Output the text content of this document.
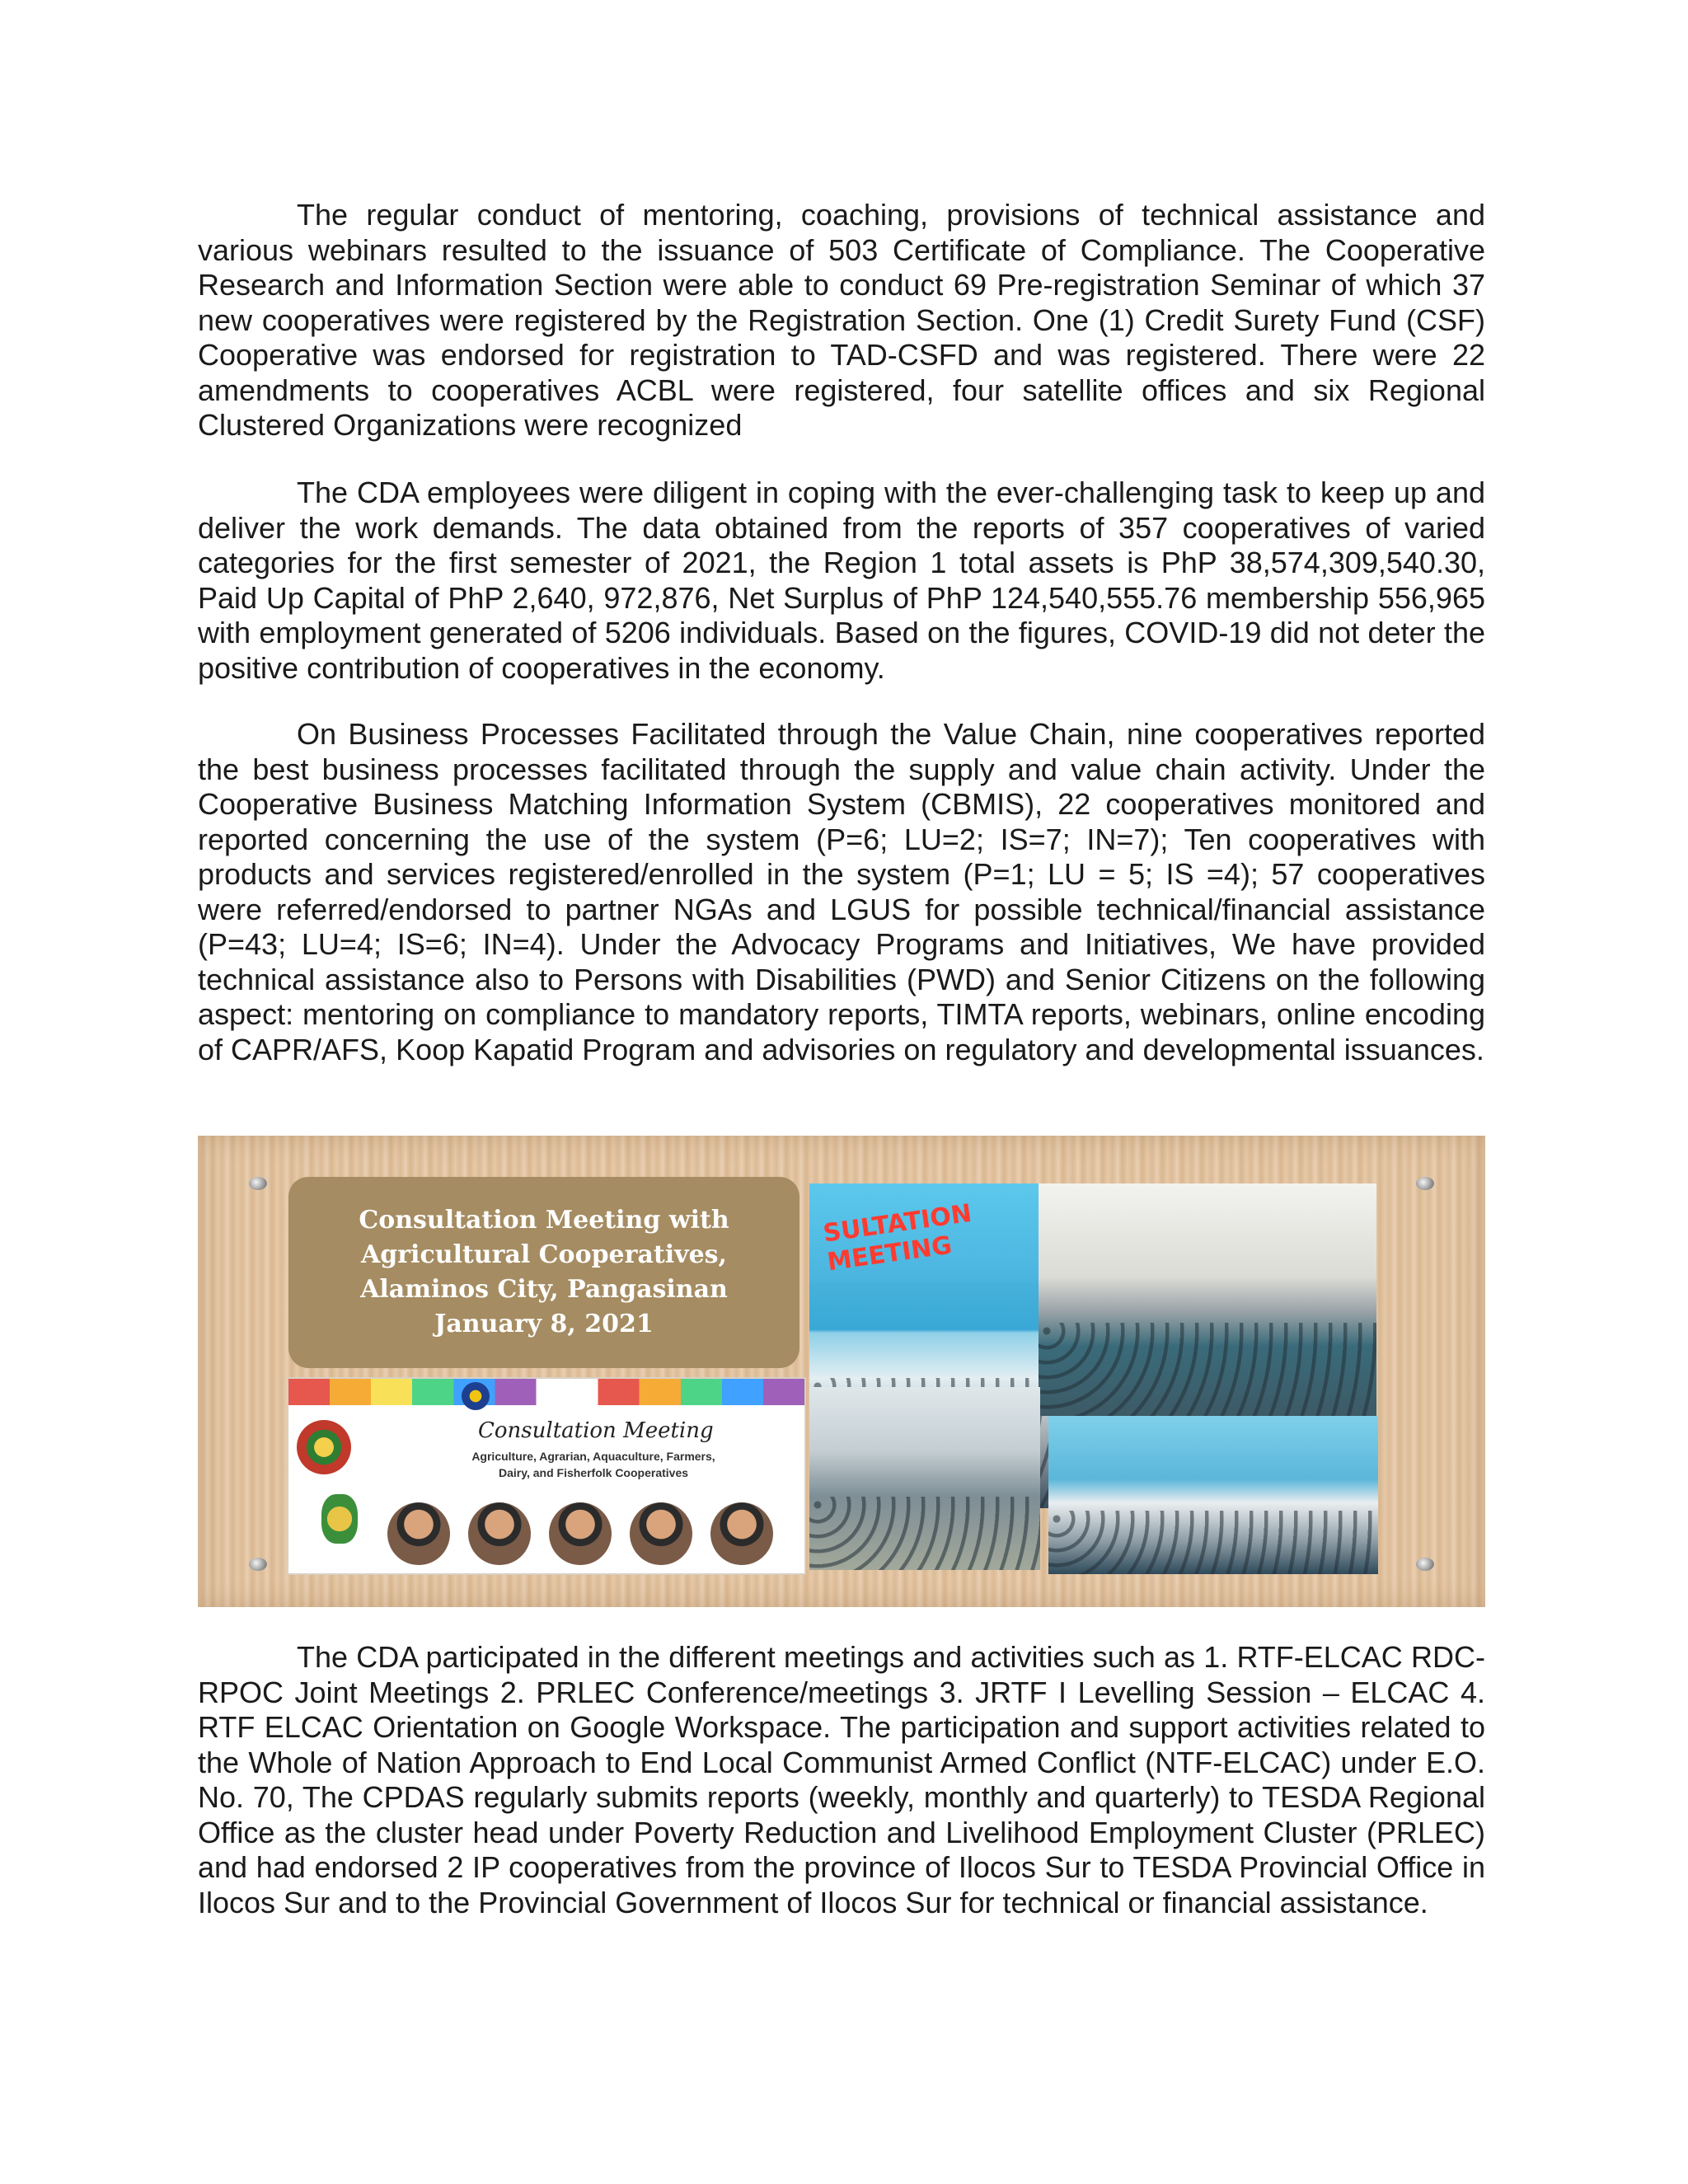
The regular conduct of mentoring, coaching, provisions of technical assistance and various webinars resulted to the issuance of 503 Certificate of Compliance. The Cooperative Research and Information Section were able to conduct 69 Pre-registration Seminar of which 37 new cooperatives were registered by the Registration Section. One (1) Credit Surety Fund (CSF) Cooperative was endorsed for registration to TAD-CSFD and was registered. There were 22 amendments to cooperatives ACBL were registered, four satellite offices and six Regional Clustered Organizations were recognized

The CDA employees were diligent in coping with the ever-challenging task to keep up and deliver the work demands. The data obtained from the reports of 357 cooperatives of varied categories for the first semester of 2021, the Region 1 total assets is PhP 38,574,309,540.30, Paid Up Capital of PhP 2,640, 972,876, Net Surplus of PhP 124,540,555.76 membership 556,965 with employment generated of 5206 individuals. Based on the figures, COVID-19 did not deter the positive contribution of cooperatives in the economy.

On Business Processes Facilitated through the Value Chain, nine cooperatives reported the best business processes facilitated through the supply and value chain activity. Under the Cooperative Business Matching Information System (CBMIS), 22 cooperatives monitored and reported concerning the use of the system (P=6; LU=2; IS=7; IN=7); Ten cooperatives with products and services registered/enrolled in the system (P=1; LU = 5; IS =4); 57 cooperatives were referred/endorsed to partner NGAs and LGUS for possible technical/financial assistance (P=43; LU=4; IS=6; IN=4). Under the Advocacy Programs and Initiatives, We have provided technical assistance also to Persons with Disabilities (PWD) and Senior Citizens on the following aspect: mentoring on compliance to mandatory reports, TIMTA reports, webinars, online encoding of CAPR/AFS, Koop Kapatid Program and advisories on regulatory and developmental issuances.

Consultation Meeting with
Agricultural Cooperatives,
Alaminos City, Pangasinan
January 8, 2021
Consultation Meeting
Agriculture, Agrarian, Aquaculture, Farmers,
Dairy, and Fisherfolk Cooperatives
SULTATION MEETING

The CDA participated in the different meetings and activities such as 1. RTF-ELCAC RDC-RPOC Joint Meetings 2. PRLEC Conference/meetings 3. JRTF I Levelling Session – ELCAC 4. RTF ELCAC Orientation on Google Workspace. The participation and support activities related to the Whole of Nation Approach to End Local Communist Armed Conflict (NTF-ELCAC) under E.O. No. 70, The CPDAS regularly submits reports (weekly, monthly and quarterly) to TESDA Regional Office as the cluster head under Poverty Reduction and Livelihood Employment Cluster (PRLEC) and had endorsed 2 IP cooperatives from the province of Ilocos Sur to TESDA Provincial Office in Ilocos Sur and to the Provincial Government of Ilocos Sur for technical or financial assistance.
